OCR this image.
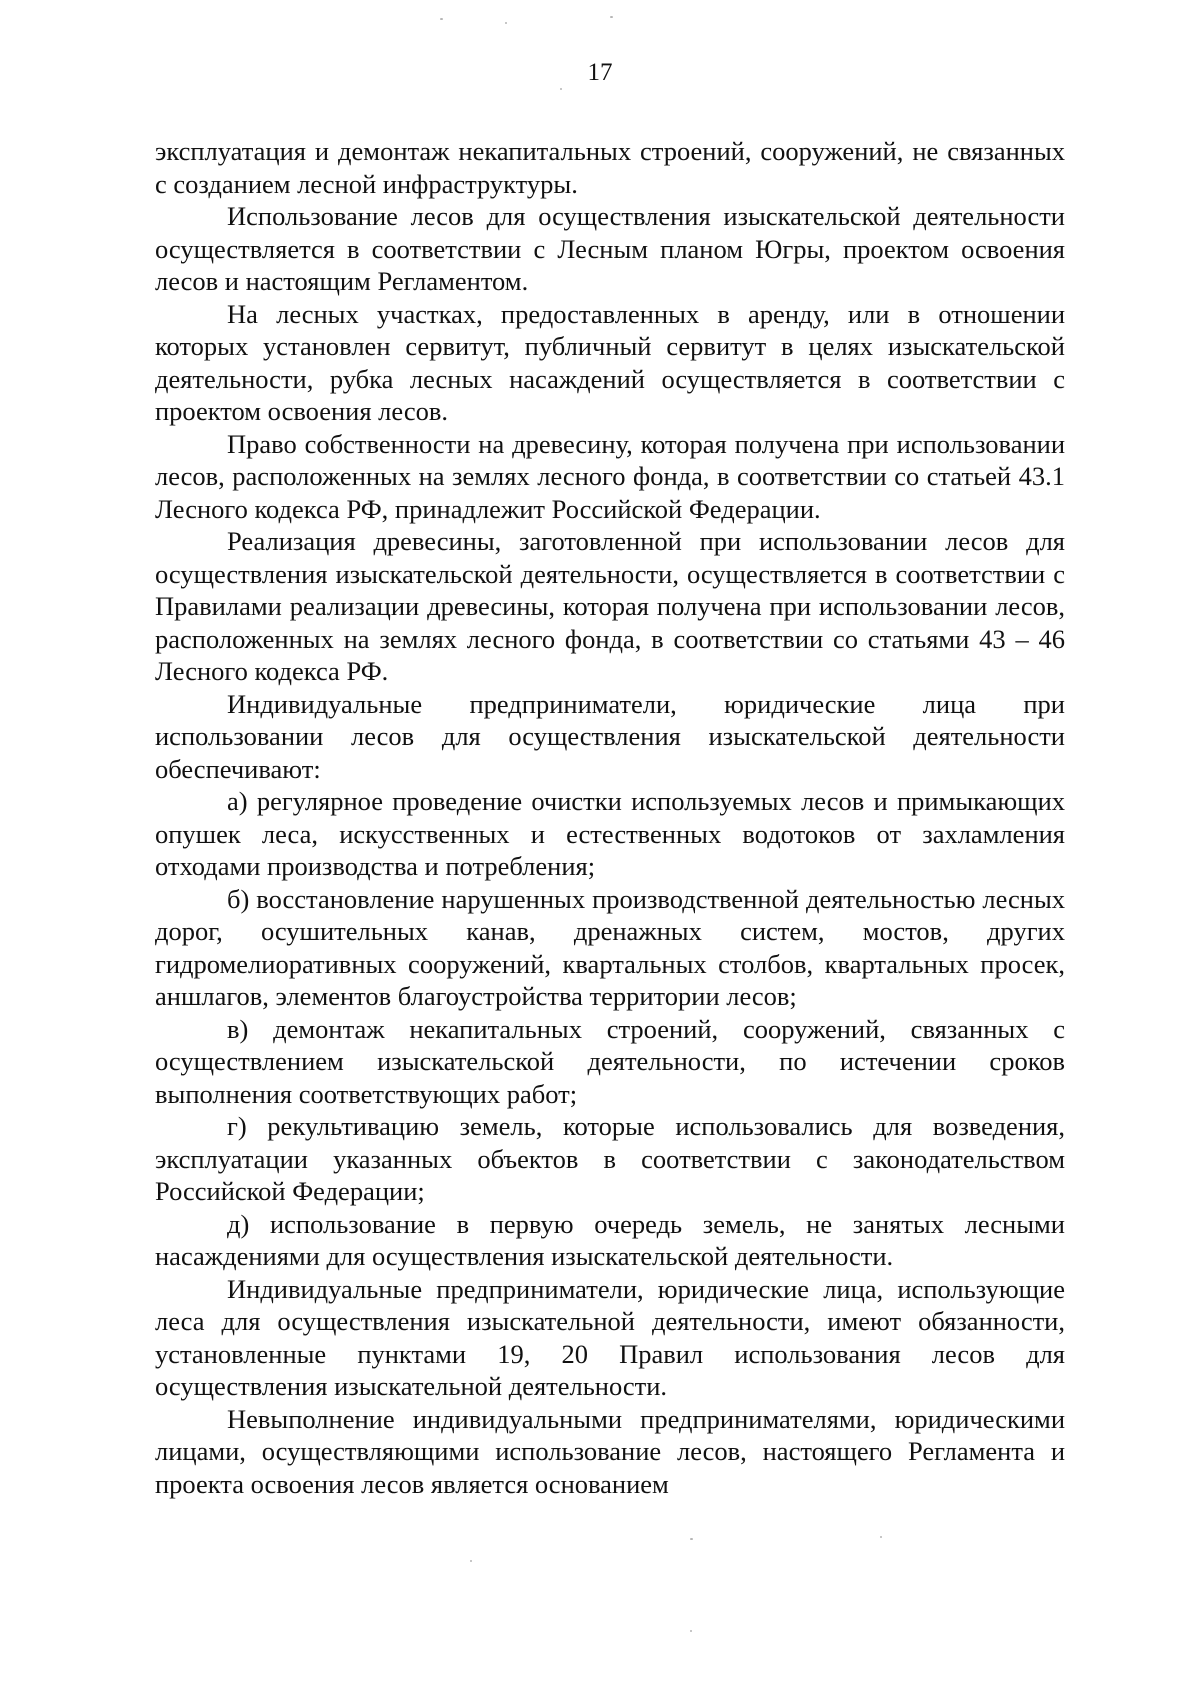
17

эксплуатация и демонтаж некапитальных строений, сооружений, не связанных с созданием лесной инфраструктуры.

Использование лесов для осуществления изыскательской деятельности осуществляется в соответствии с Лесным планом Югры, проектом освоения лесов и настоящим Регламентом.

На лесных участках, предоставленных в аренду, или в отношении которых установлен сервитут, публичный сервитут в целях изыскательской деятельности, рубка лесных насаждений осуществляется в соответствии с проектом освоения лесов.

Право собственности на древесину, которая получена при использовании лесов, расположенных на землях лесного фонда, в соответствии со статьей 43.1 Лесного кодекса РФ, принадлежит Российской Федерации.

Реализация древесины, заготовленной при использовании лесов для осуществления изыскательской деятельности, осуществляется в соответствии с Правилами реализации древесины, которая получена при использовании лесов, расположенных на землях лесного фонда, в соответствии со статьями 43 – 46 Лесного кодекса РФ.

Индивидуальные предприниматели, юридические лица при использовании лесов для осуществления изыскательской деятельности обеспечивают:

а) регулярное проведение очистки используемых лесов и примыкающих опушек леса, искусственных и естественных водотоков от захламления отходами производства и потребления;

б) восстановление нарушенных производственной деятельностью лесных дорог, осушительных канав, дренажных систем, мостов, других гидромелиоративных сооружений, квартальных столбов, квартальных просек, аншлагов, элементов благоустройства территории лесов;

в) демонтаж некапитальных строений, сооружений, связанных с осуществлением изыскательской деятельности, по истечении сроков выполнения соответствующих работ;

г) рекультивацию земель, которые использовались для возведения, эксплуатации указанных объектов в соответствии с законодательством Российской Федерации;

д) использование в первую очередь земель, не занятых лесными насаждениями для осуществления изыскательской деятельности.

Индивидуальные предприниматели, юридические лица, использующие леса для осуществления изыскательной деятельности, имеют обязанности, установленные пунктами 19, 20 Правил использования лесов для осуществления изыскательной деятельности.

Невыполнение индивидуальными предпринимателями, юридическими лицами, осуществляющими использование лесов, настоящего Регламента и проекта освоения лесов является основанием
